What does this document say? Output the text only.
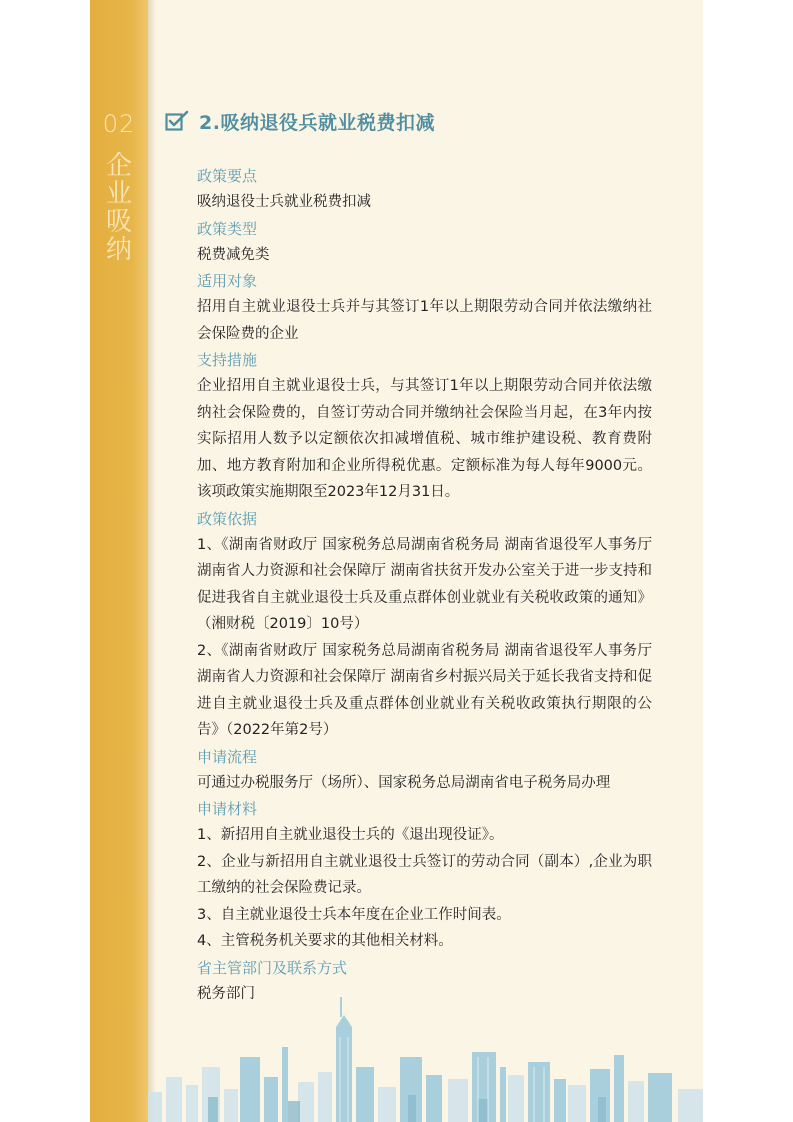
02
企
业
吸
纳
2.吸纳退役兵就业税费扣减

政策要点

吸纳退役士兵就业税费扣减

政策类型

税费减免类

适用对象

招用自主就业退役士兵并与其签订1年以上期限劳动合同并依法缴纳社会保险费的企业

支持措施

企业招用自主就业退役士兵，与其签订1年以上期限劳动合同并依法缴纳社会保险费的，自签订劳动合同并缴纳社会保险当月起，在3年内按实际招用人数予以定额依次扣减增值税、城市维护建设税、教育费附加、地方教育附加和企业所得税优惠。定额标准为每人每年9000元。该项政策实施期限至2023年12月31日。

政策依据

1、《湖南省财政厅 国家税务总局湖南省税务局 湖南省退役军人事务厅 湖南省人力资源和社会保障厅 湖南省扶贫开发办公室关于进一步支持和促进我省自主就业退役士兵及重点群体创业就业有关税收政策的通知》（湘财税〔2019〕10号）

2、《湖南省财政厅 国家税务总局湖南省税务局 湖南省退役军人事务厅 湖南省人力资源和社会保障厅 湖南省乡村振兴局关于延长我省支持和促进自主就业退役士兵及重点群体创业就业有关税收政策执行期限的公告》（2022年第2号）

申请流程

可通过办税服务厅（场所）、国家税务总局湖南省电子税务局办理

申请材料

1、新招用自主就业退役士兵的《退出现役证》。

2、企业与新招用自主就业退役士兵签订的劳动合同（副本）,企业为职工缴纳的社会保险费记录。

3、自主就业退役士兵本年度在企业工作时间表。

4、主管税务机关要求的其他相关材料。

省主管部门及联系方式

税务部门
